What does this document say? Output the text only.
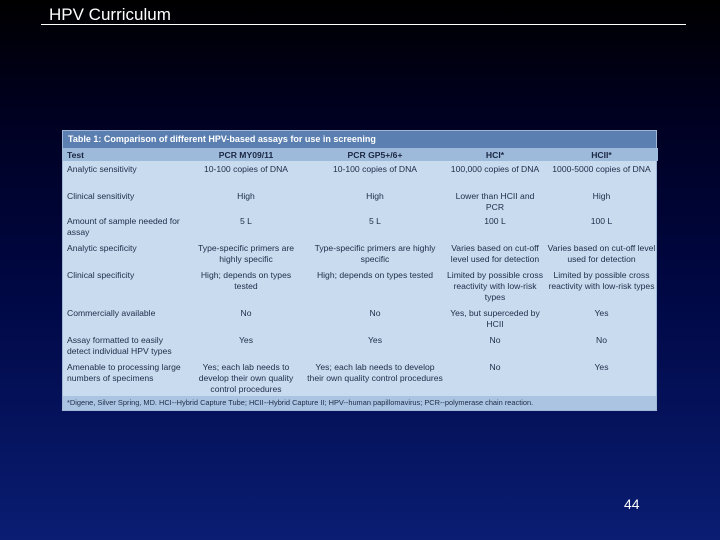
HPV Curriculum
Table 1: Comparison of different HPV-based assays for use in screening
Test	PCR MY09/11	PCR GP5+/6+	HCI*	HCII*
Analytic sensitivity	10-100 copies of DNA	10-100 copies of DNA	100,000 copies of DNA	1000-5000 copies of DNA
Clinical sensitivity	High	High	Lower than HCII and PCR	High
Amount of sample needed for assay	5 L	5 L	100 L	100 L
Analytic specificity	Type-specific primers are highly specific	Type-specific primers are highly specific	Varies based on cut-off level used for detection	Varies based on cut-off level used for detection
Clinical specificity	High; depends on types tested	High; depends on types tested	Limited by possible cross reactivity with low-risk types	Limited by possible cross reactivity with low-risk types
Commercially available	No	No	Yes, but superceded by HCII	Yes
Assay formatted to easily detect individual HPV types	Yes	Yes	No	No
Amenable to processing large numbers of specimens	Yes; each lab needs to develop their own quality control procedures	Yes; each lab needs to develop their own quality control procedures	No	Yes
*Digene, Silver Spring, MD. HCI--Hybrid Capture Tube; HCII--Hybrid Capture II; HPV--human papillomavirus; PCR--polymerase chain reaction.
44
